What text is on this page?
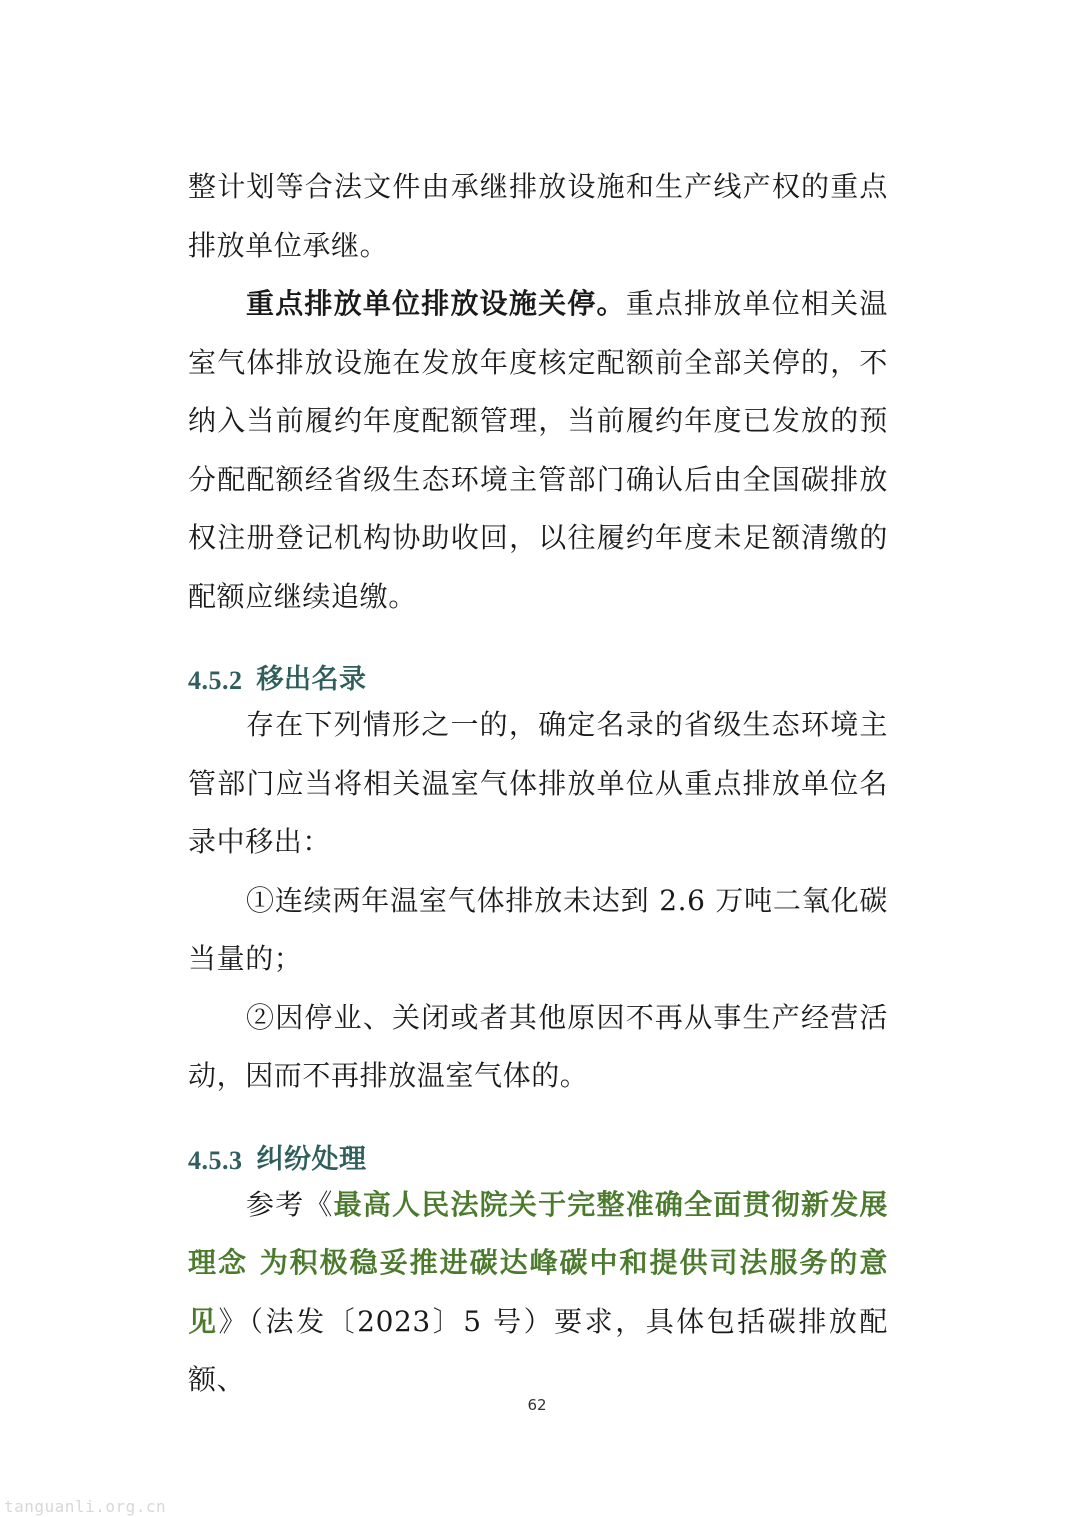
整计划等合法文件由承继排放设施和生产线产权的重点排放单位承继。

重点排放单位排放设施关停。重点排放单位相关温室气体排放设施在发放年度核定配额前全部关停的，不纳入当前履约年度配额管理，当前履约年度已发放的预分配配额经省级生态环境主管部门确认后由全国碳排放权注册登记机构协助收回，以往履约年度未足额清缴的配额应继续追缴。

4.5.2 移出名录

存在下列情形之一的，确定名录的省级生态环境主管部门应当将相关温室气体排放单位从重点排放单位名录中移出：

①连续两年温室气体排放未达到 2.6 万吨二氧化碳当量的；

②因停业、关闭或者其他原因不再从事生产经营活动，因而不再排放温室气体的。

4.5.3 纠纷处理

参考《最高人民法院关于完整准确全面贯彻新发展理念 为积极稳妥推进碳达峰碳中和提供司法服务的意见》（法发〔2023〕5 号）要求，具体包括碳排放配额、

62
tanguanli.org.cn
